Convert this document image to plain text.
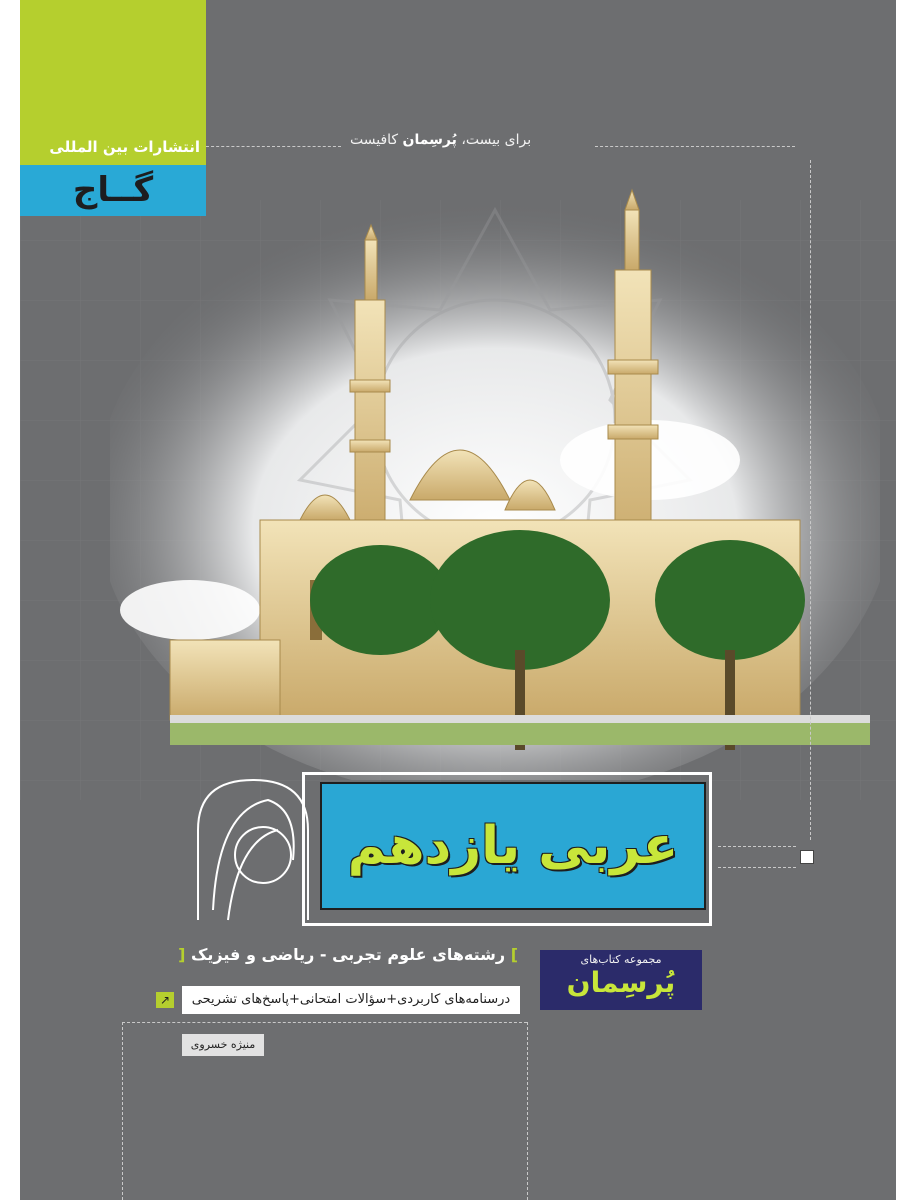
انتشارات بین المللی
گــاج
برای بیست، پُرسِمان کافیست
عربی یازدهم
] رشته‌های علوم تجربی - ریاضی و فیزیک [	مجموعه کتاب‌های
پُرسِمان
↗	درسنامه‌های کاربردی+سؤالات امتحانی+پاسخ‌های تشریحی
منیژه خسروی
